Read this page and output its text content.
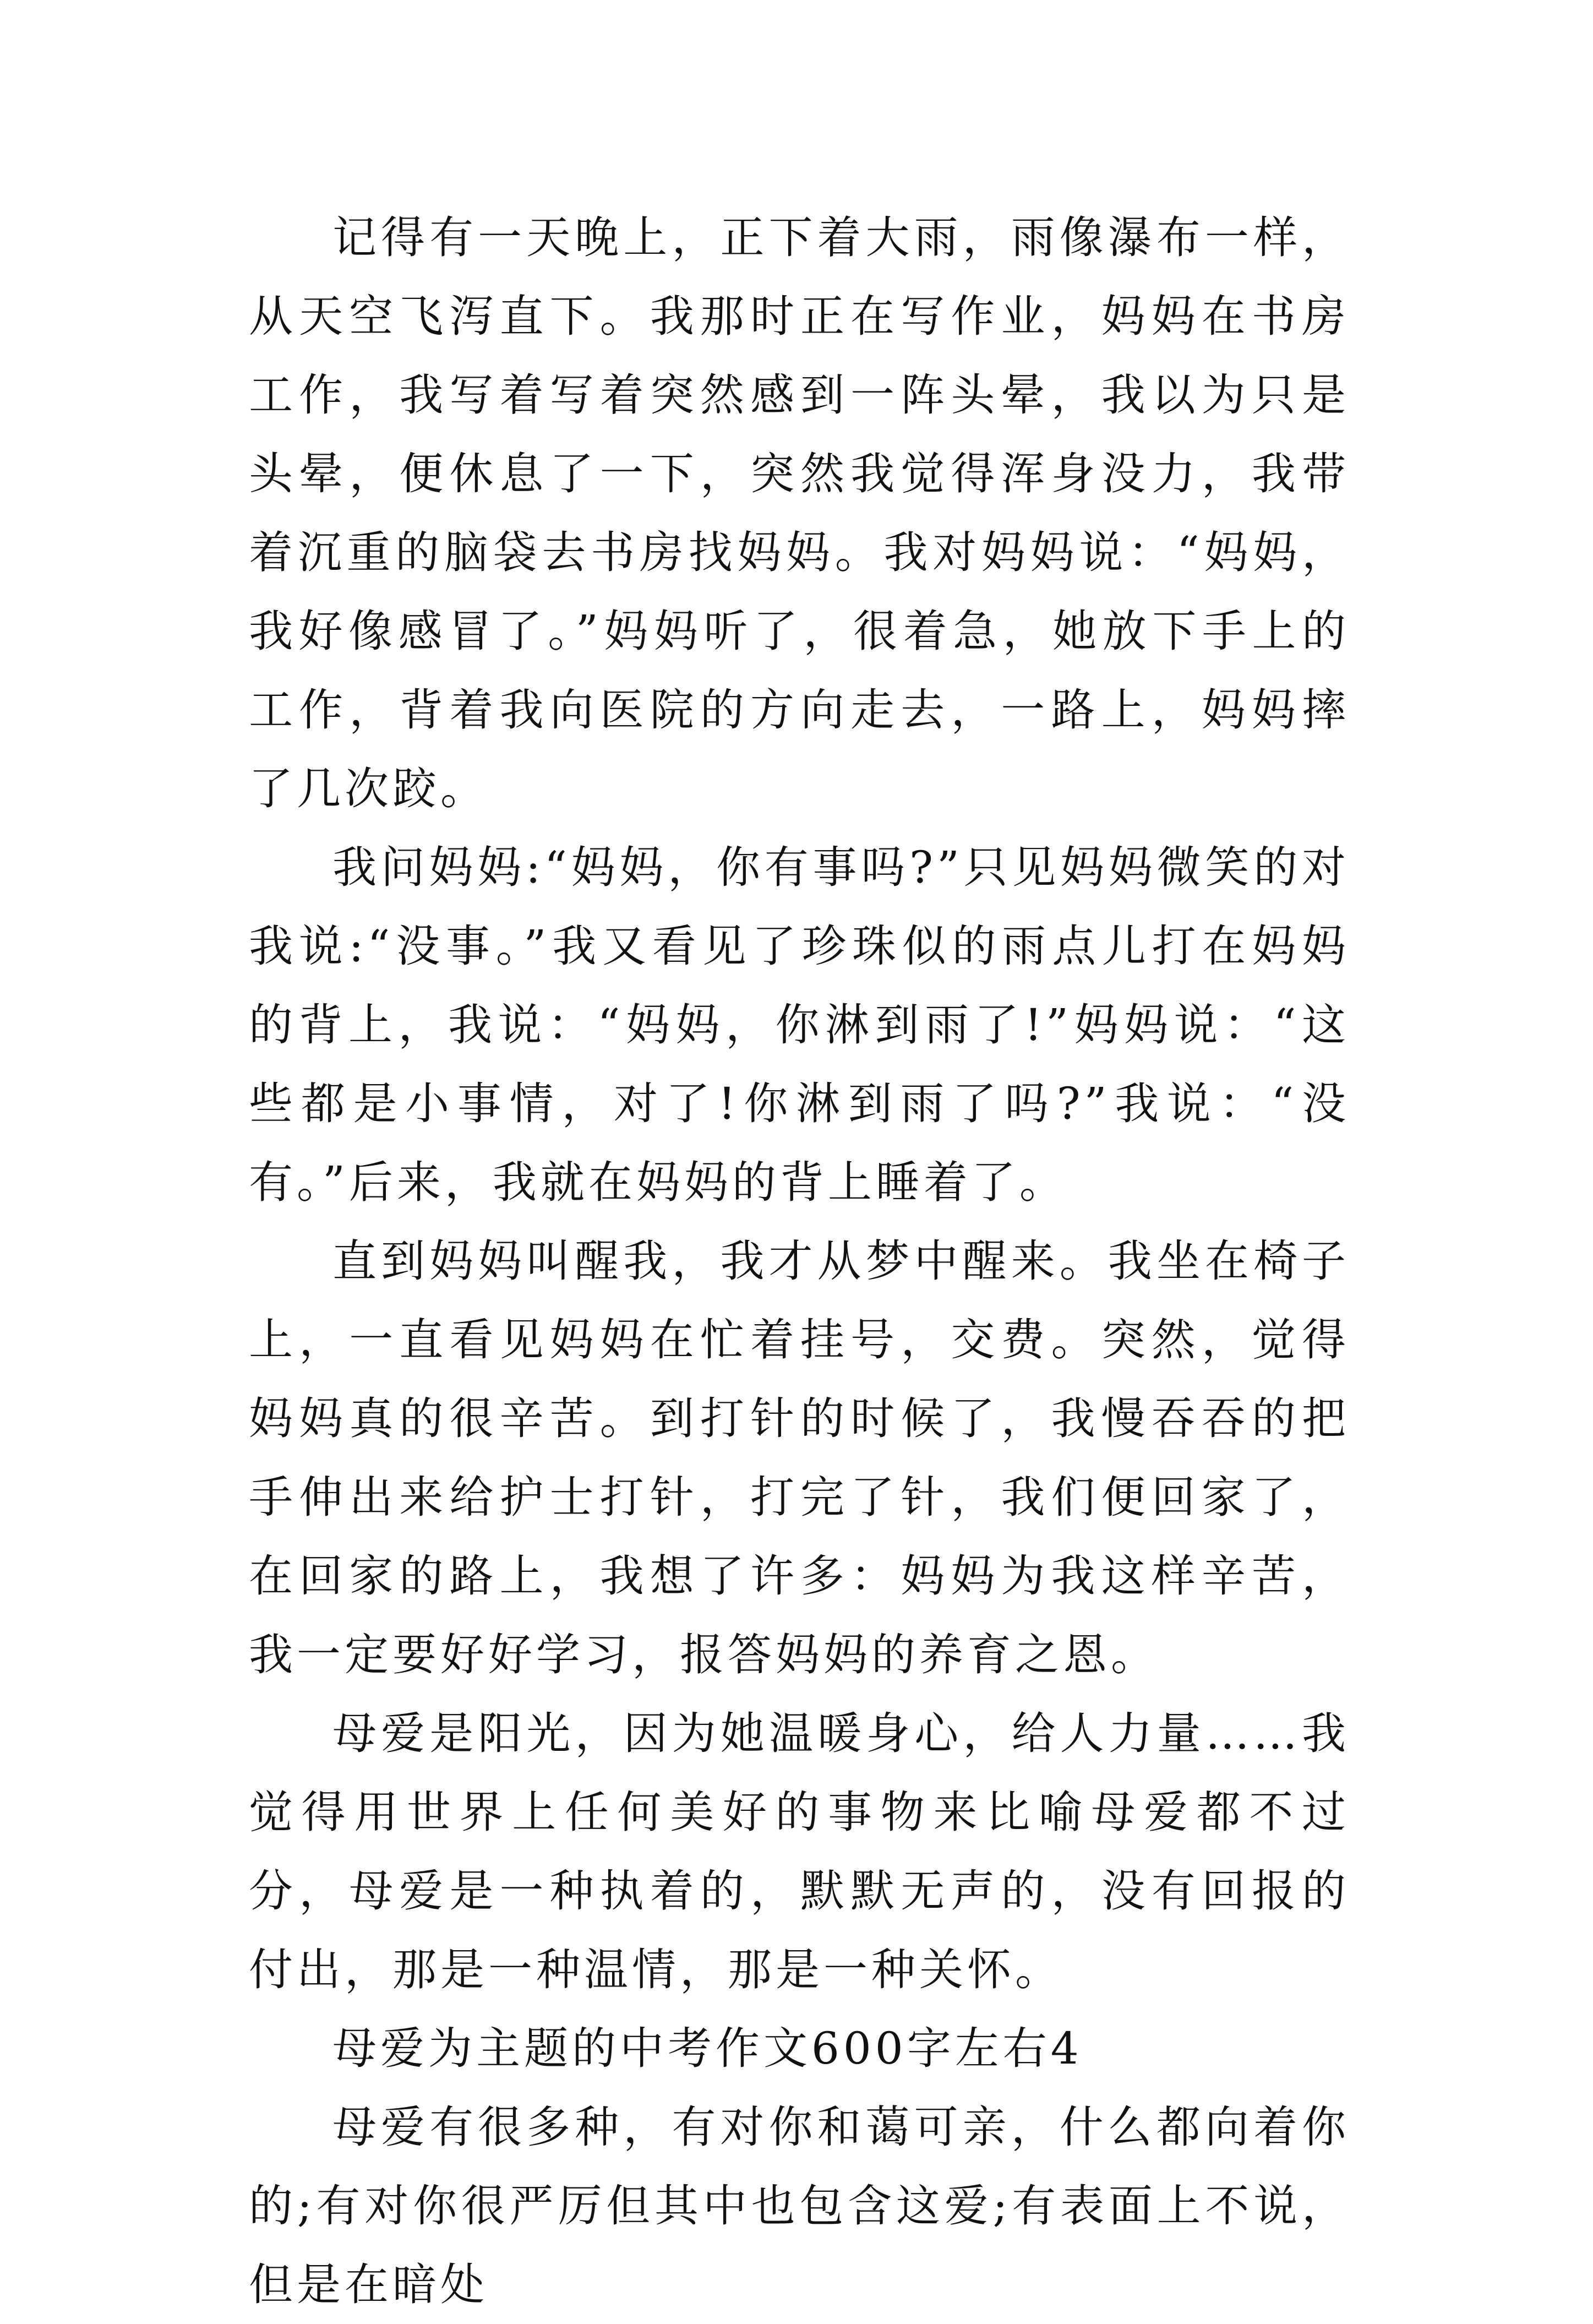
记得有一天晚上，正下着大雨，雨像瀑布一样，从天空飞泻直下。我那时正在写作业，妈妈在书房工作，我写着写着突然感到一阵头晕，我以为只是头晕，便休息了一下，突然我觉得浑身没力，我带着沉重的脑袋去书房找妈妈。我对妈妈说：“妈妈，我好像感冒了。”妈妈听了，很着急，她放下手上的工作，背着我向医院的方向走去，一路上，妈妈摔了几次跤。

我问妈妈:“妈妈，你有事吗?”只见妈妈微笑的对我说:“没事。”我又看见了珍珠似的雨点儿打在妈妈的背上，我说：“妈妈，你淋到雨了!”妈妈说：“这些都是小事情，对了!你淋到雨了吗?”我说：“没有。”后来，我就在妈妈的背上睡着了。

直到妈妈叫醒我，我才从梦中醒来。我坐在椅子上，一直看见妈妈在忙着挂号，交费。突然，觉得妈妈真的很辛苦。到打针的时候了，我慢吞吞的把手伸出来给护士打针，打完了针，我们便回家了，在回家的路上，我想了许多：妈妈为我这样辛苦，我一定要好好学习，报答妈妈的养育之恩。

母爱是阳光，因为她温暖身心，给人力量……我觉得用世界上任何美好的事物来比喻母爱都不过分，母爱是一种执着的，默默无声的，没有回报的付出，那是一种温情，那是一种关怀。

母爱为主题的中考作文600字左右4

母爱有很多种，有对你和蔼可亲，什么都向着你的;有对你很严厉但其中也包含这爱;有表面上不说，但是在暗处
